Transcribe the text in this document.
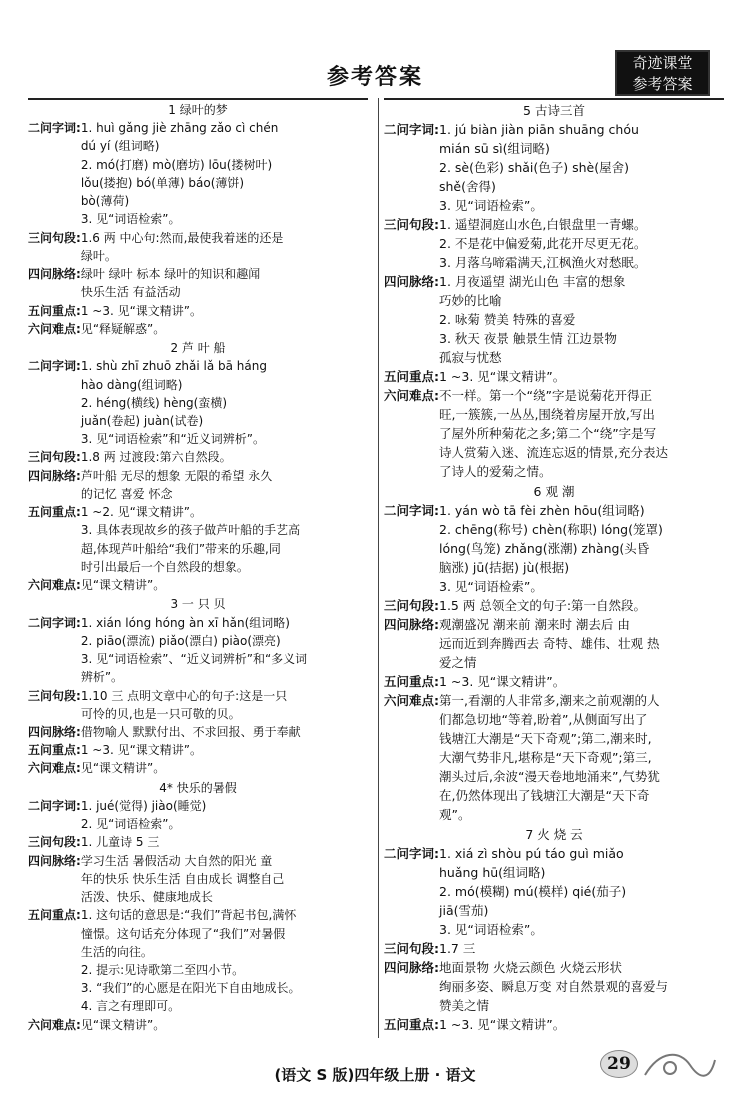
参考答案
奇迹课堂
参考答案
1 绿叶的梦
二问字词: 1. huì gǎng jiè zhāng zǎo cì chén
dú yí (组词略)
2. mó(打磨) mò(磨坊) lōu(搂树叶)
lǒu(搂抱) bó(单薄) báo(薄饼)
bò(薄荷)
3. 见“词语检索”。
三问句段: 1.6 两 中心句:然而,最使我着迷的还是
绿叶。
四问脉络: 绿叶 绿叶 标本 绿叶的知识和趣闻
快乐生活 有益活动
五问重点: 1 ~3. 见“课文精讲”。
六问难点: 见“释疑解惑”。
2 芦 叶 船
二问字词: 1. shù zhī zhuō zhǎi lǎ bā háng
hào dàng(组词略)
2. héng(横线) hèng(蛮横)
juǎn(卷起) juàn(试卷)
3. 见“词语检索”和“近义词辨析”。
三问句段: 1.8 两 过渡段:第六自然段。
四问脉络: 芦叶船 无尽的想象 无限的希望 永久
的记忆 喜爱 怀念
五问重点: 1 ~2. 见“课文精讲”。
3. 具体表现故乡的孩子做芦叶船的手艺高
超,体现芦叶船给“我们”带来的乐趣,同
时引出最后一个自然段的想象。
六问难点: 见“课文精讲”。
3 一 只 贝
二问字词: 1. xián lóng hóng àn xī hǎn(组词略)
2. piāo(漂流) piǎo(漂白) piào(漂亮)
3. 见“词语检索”、“近义词辨析”和“多义词
辨析”。
三问句段: 1.10 三 点明文章中心的句子:这是一只
可怜的贝,也是一只可敬的贝。
四问脉络: 借物喻人 默默付出、不求回报、勇于奉献
五问重点: 1 ~3. 见“课文精讲”。
六问难点: 见“课文精讲”。
4* 快乐的暑假
二问字词: 1. jué(觉得) jiào(睡觉)
2. 见“词语检索”。
三问句段: 1. 儿童诗 5 三
四问脉络: 学习生活 暑假活动 大自然的阳光 童
年的快乐 快乐生活 自由成长 调整自己
活泼、快乐、健康地成长
五问重点: 1. 这句话的意思是:“我们”背起书包,满怀
憧憬。这句话充分体现了“我们”对暑假
生活的向往。
2. 提示:见诗歌第二至四小节。
3. “我们”的心愿是在阳光下自由地成长。
4. 言之有理即可。
六问难点: 见“课文精讲”。
5 古诗三首
二问字词: 1. jú biàn jiàn piān shuāng chóu
mián sū sì(组词略)
2. sè(色彩) shǎi(色子) shè(屋舍)
shě(舍得)
3. 见“词语检索”。
三问句段: 1. 遥望洞庭山水色,白银盘里一青螺。
2. 不是花中偏爱菊,此花开尽更无花。
3. 月落乌啼霜满天,江枫渔火对愁眠。
四问脉络: 1. 月夜遥望 湖光山色 丰富的想象
巧妙的比喻
2. 咏菊 赞美 特殊的喜爱
3. 秋天 夜景 触景生情 江边景物
孤寂与忧愁
五问重点: 1 ~3. 见“课文精讲”。
六问难点: 不一样。第一个“绕”字是说菊花开得正
旺,一簇簇,一丛丛,围绕着房屋开放,写出
了屋外所种菊花之多;第二个“绕”字是写
诗人赏菊入迷、流连忘返的情景,充分表达
了诗人的爱菊之情。
6 观 潮
二问字词: 1. yán wò tā fèi zhèn hōu(组词略)
2. chēng(称号) chèn(称职) lóng(笼罩)
lóng(鸟笼) zhǎng(涨潮) zhàng(头昏
脑涨) jū(拮据) jù(根据)
3. 见“词语检索”。
三问句段: 1.5 两 总领全文的句子:第一自然段。
四问脉络: 观潮盛况 潮来前 潮来时 潮去后 由
远而近到奔腾西去 奇特、雄伟、壮观 热
爱之情
五问重点: 1 ~3. 见“课文精讲”。
六问难点: 第一,看潮的人非常多,潮来之前观潮的人
们都急切地“等着,盼着”,从侧面写出了
钱塘江大潮是“天下奇观”;第二,潮来时,
大潮气势非凡,堪称是“天下奇观”;第三,
潮头过后,余波“漫天卷地地涌来”,气势犹
在,仍然体现出了钱塘江大潮是“天下奇
观”。
7 火 烧 云
二问字词: 1. xiá zì shòu pú táo guì miǎo
huǎng hū(组词略)
2. mó(模糊) mú(模样) qié(茄子)
jiā(雪茄)
3. 见“词语检索”。
三问句段: 1.7 三
四问脉络: 地面景物 火烧云颜色 火烧云形状
绚丽多姿、瞬息万变 对自然景观的喜爱与
赞美之情
五问重点: 1 ~3. 见“课文精讲”。
(语文 S 版)四年级上册 · 语文
29
